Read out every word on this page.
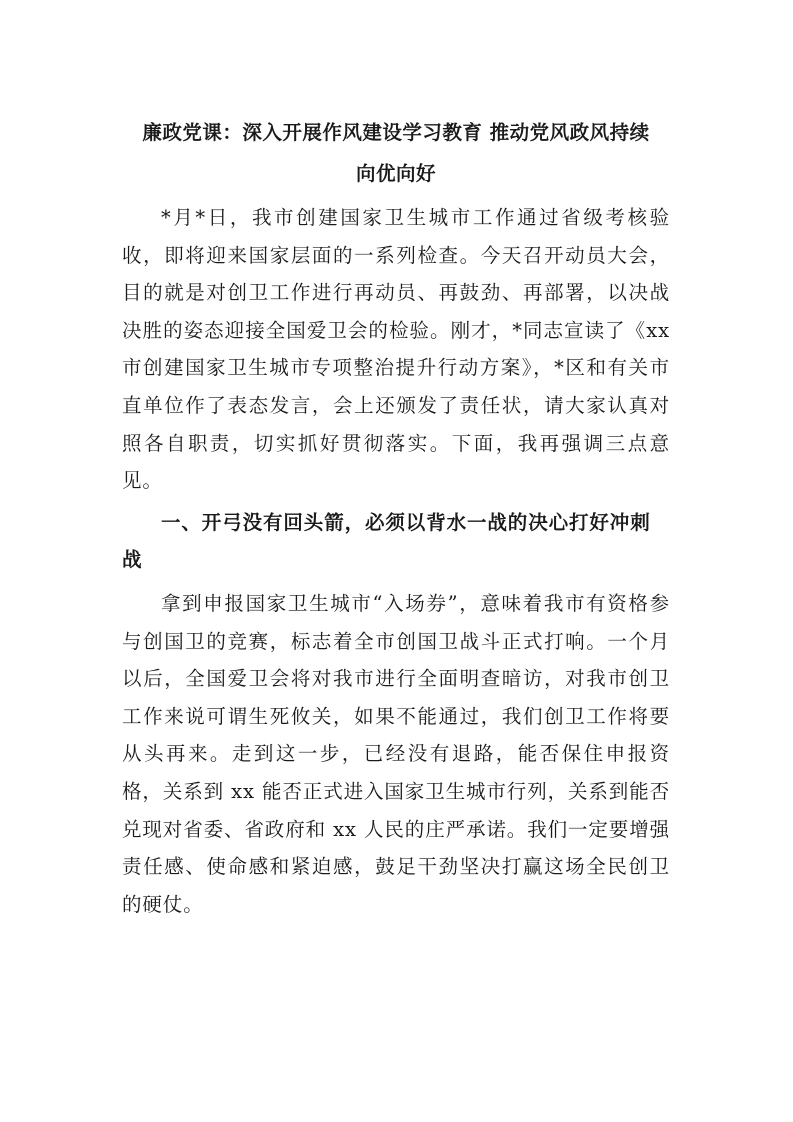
廉政党课：深入开展作风建设学习教育 推动党风政风持续
向优向好

*月*日，我市创建国家卫生城市工作通过省级考核验收，即将迎来国家层面的一系列检查。今天召开动员大会，目的就是对创卫工作进行再动员、再鼓劲、再部署，以决战决胜的姿态迎接全国爱卫会的检验。刚才，*同志宣读了《xx 市创建国家卫生城市专项整治提升行动方案》，*区和有关市直单位作了表态发言，会上还颁发了责任状，请大家认真对照各自职责，切实抓好贯彻落实。下面，我再强调三点意见。

一、开弓没有回头箭，必须以背水一战的决心打好冲刺战

拿到申报国家卫生城市“入场券”，意味着我市有资格参与创国卫的竞赛，标志着全市创国卫战斗正式打响。一个月以后，全国爱卫会将对我市进行全面明查暗访，对我市创卫工作来说可谓生死攸关，如果不能通过，我们创卫工作将要从头再来。走到这一步，已经没有退路，能否保住申报资格，关系到 xx 能否正式进入国家卫生城市行列，关系到能否兑现对省委、省政府和 xx 人民的庄严承诺。我们一定要增强责任感、使命感和紧迫感，鼓足干劲坚决打赢这场全民创卫的硬仗。
